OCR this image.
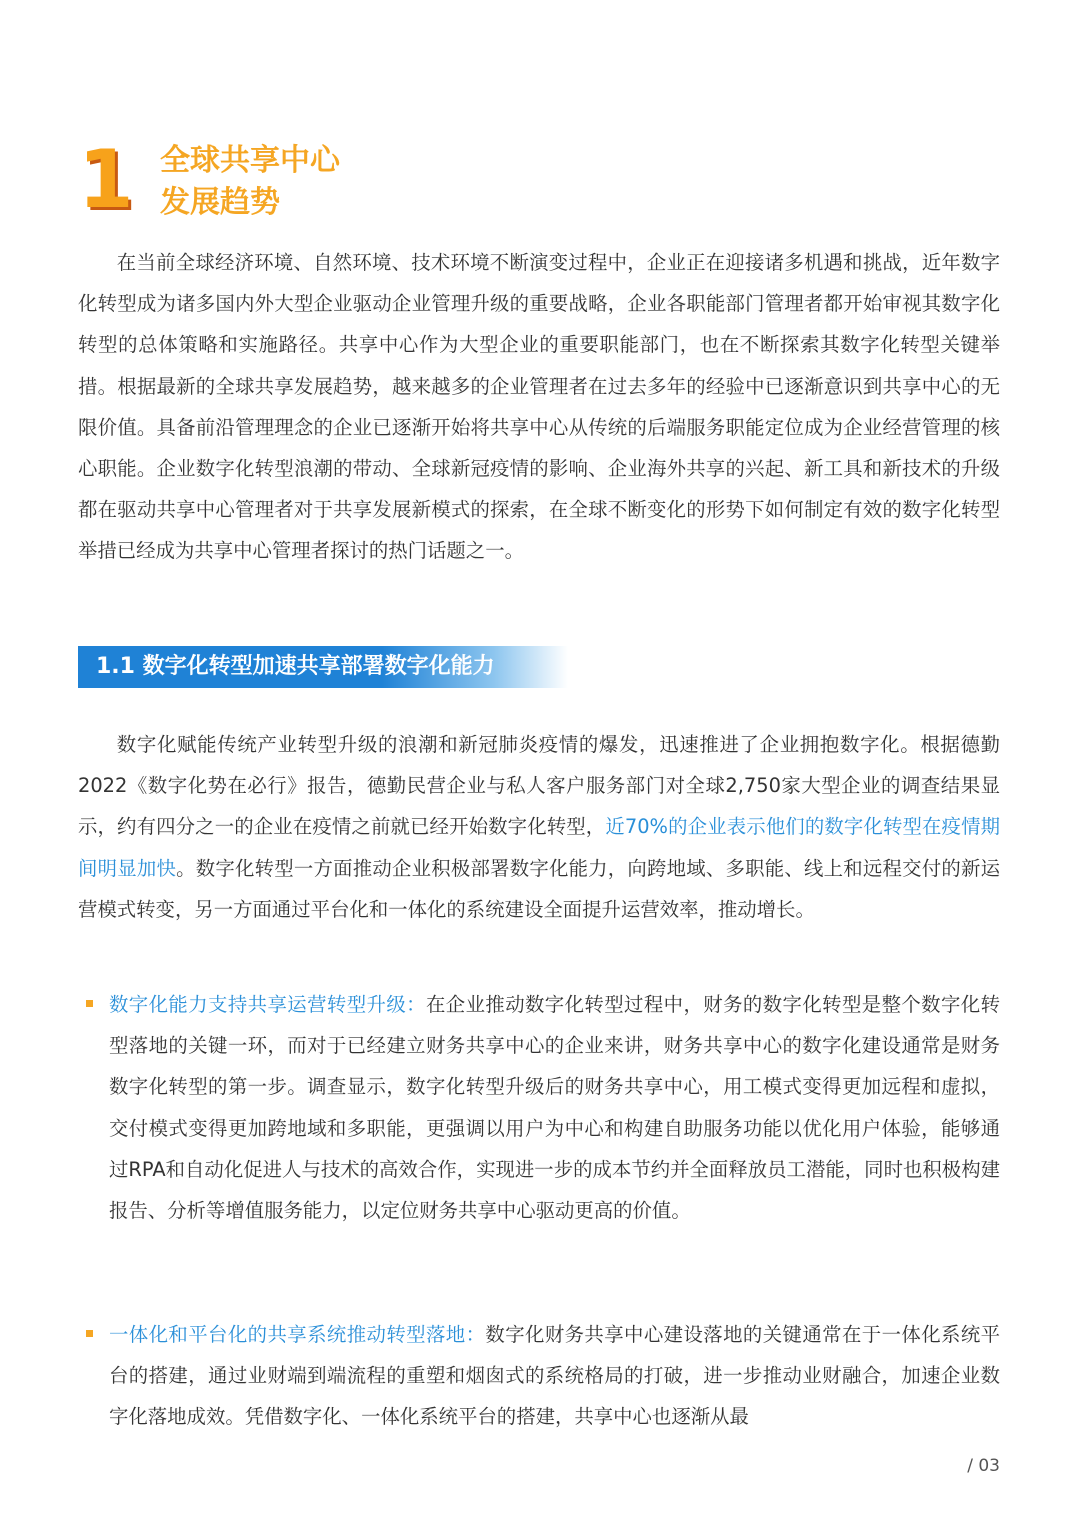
1 全球共享中心
发展趋势

在当前全球经济环境、自然环境、技术环境不断演变过程中，企业正在迎接诸多机遇和挑战，近年数字化转型成为诸多国内外大型企业驱动企业管理升级的重要战略，企业各职能部门管理者都开始审视其数字化转型的总体策略和实施路径。共享中心作为大型企业的重要职能部门，也在不断探索其数字化转型关键举措。根据最新的全球共享发展趋势，越来越多的企业管理者在过去多年的经验中已逐渐意识到共享中心的无限价值。具备前沿管理理念的企业已逐渐开始将共享中心从传统的后端服务职能定位成为企业经营管理的核心职能。企业数字化转型浪潮的带动、全球新冠疫情的影响、企业海外共享的兴起、新工具和新技术的升级都在驱动共享中心管理者对于共享发展新模式的探索，在全球不断变化的形势下如何制定有效的数字化转型举措已经成为共享中心管理者探讨的热门话题之一。

1.1 数字化转型加速共享部署数字化能力

数字化赋能传统产业转型升级的浪潮和新冠肺炎疫情的爆发，迅速推进了企业拥抱数字化。根据德勤2022《数字化势在必行》报告，德勤民营企业与私人客户服务部门对全球2,750家大型企业的调查结果显示，约有四分之一的企业在疫情之前就已经开始数字化转型，近70%的企业表示他们的数字化转型在疫情期间明显加快。数字化转型一方面推动企业积极部署数字化能力，向跨地域、多职能、线上和远程交付的新运营模式转变，另一方面通过平台化和一体化的系统建设全面提升运营效率，推动增长。

数字化能力支持共享运营转型升级：在企业推动数字化转型过程中，财务的数字化转型是整个数字化转型落地的关键一环，而对于已经建立财务共享中心的企业来讲，财务共享中心的数字化建设通常是财务数字化转型的第一步。调查显示，数字化转型升级后的财务共享中心，用工模式变得更加远程和虚拟，交付模式变得更加跨地域和多职能，更强调以用户为中心和构建自助服务功能以优化用户体验，能够通过RPA和自动化促进人与技术的高效合作，实现进一步的成本节约并全面释放员工潜能，同时也积极构建报告、分析等增值服务能力，以定位财务共享中心驱动更高的价值。

一体化和平台化的共享系统推动转型落地：数字化财务共享中心建设落地的关键通常在于一体化系统平台的搭建，通过业财端到端流程的重塑和烟囱式的系统格局的打破，进一步推动业财融合，加速企业数字化落地成效。凭借数字化、一体化系统平台的搭建，共享中心也逐渐从最

/ 03
